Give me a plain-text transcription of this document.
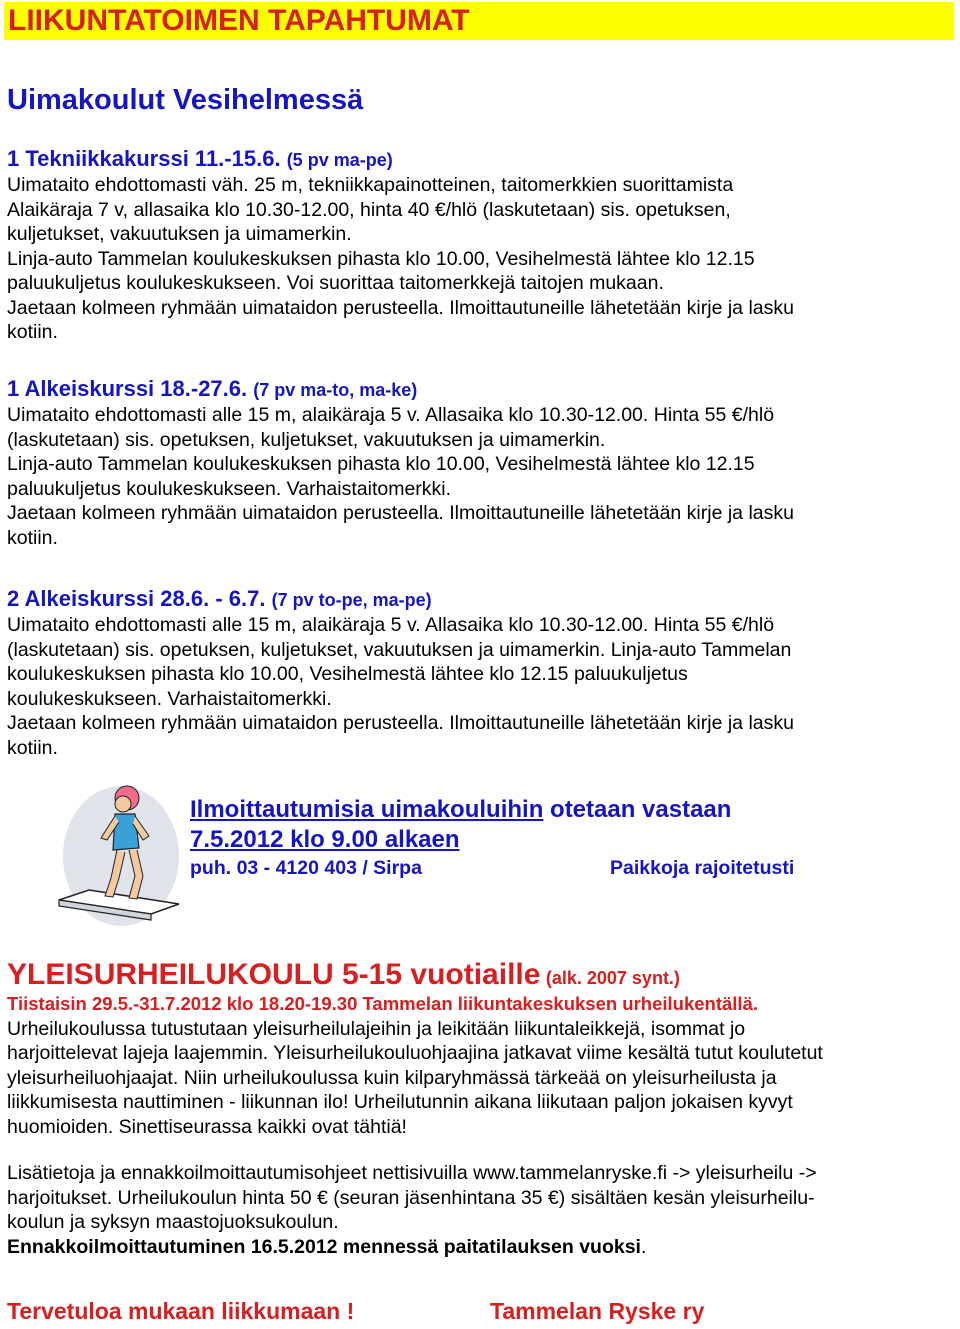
LIIKUNTATOIMEN TAPAHTUMAT
Uimakoulut Vesihelmessä
1 Tekniikkakurssi 11.-15.6. (5 pv ma-pe)
Uimataito ehdottomasti väh. 25 m, tekniikkapainotteinen, taitomerkkien suorittamista
Alaikäraja 7 v, allasaika klo 10.30-12.00, hinta 40 €/hlö (laskutetaan) sis. opetuksen,
kuljetukset, vakuutuksen ja uimamerkin.
Linja-auto Tammelan koulukeskuksen pihasta klo 10.00, Vesihelmestä lähtee klo 12.15
paluukuljetus koulukeskukseen. Voi suorittaa taitomerkkejä taitojen mukaan.
Jaetaan kolmeen ryhmään uimataidon perusteella. Ilmoittautuneille lähetetään kirje ja lasku
kotiin.
1 Alkeiskurssi 18.-27.6. (7 pv ma-to, ma-ke)
Uimataito ehdottomasti alle 15 m, alaikäraja 5 v. Allasaika klo 10.30-12.00. Hinta 55 €/hlö
(laskutetaan) sis. opetuksen, kuljetukset, vakuutuksen ja uimamerkin.
Linja-auto Tammelan koulukeskuksen pihasta klo 10.00, Vesihelmestä lähtee klo 12.15
paluukuljetus koulukeskukseen. Varhaistaitomerkki.
Jaetaan kolmeen ryhmään uimataidon perusteella. Ilmoittautuneille lähetetään kirje ja lasku
kotiin.
2 Alkeiskurssi 28.6. - 6.7. (7 pv to-pe, ma-pe)
Uimataito ehdottomasti alle 15 m, alaikäraja 5 v. Allasaika klo 10.30-12.00. Hinta 55 €/hlö
(laskutetaan) sis. opetuksen, kuljetukset, vakuutuksen ja uimamerkin. Linja-auto Tammelan
koulukeskuksen pihasta klo 10.00, Vesihelmestä lähtee klo 12.15 paluukuljetus
koulukeskukseen. Varhaistaitomerkki.
Jaetaan kolmeen ryhmään uimataidon perusteella. Ilmoittautuneille lähetetään kirje ja lasku
kotiin.
Ilmoittautumisia uimakouluihin otetaan vastaan
7.5.2012 klo 9.00 alkaen
puh. 03 - 4120 403 / Sirpa	Paikkoja rajoitetusti
YLEISURHEILUKOULU 5-15 vuotiaille (alk. 2007 synt.)
Tiistaisin 29.5.-31.7.2012 klo 18.20-19.30 Tammelan liikuntakeskuksen urheilukentällä.
Urheilukoulussa tutustutaan yleisurheilulajeihin ja leikitään liikuntaleikkejä, isommat jo
harjoittelevat lajeja laajemmin. Yleisurheilukouluohjaajina jatkavat viime kesältä tutut koulutetut
yleisurheiluohjaajat. Niin urheilukoulussa kuin kilparyhmässä tärkeää on yleisurheilusta ja
liikkumisesta nauttiminen - liikunnan ilo! Urheilutunnin aikana liikutaan paljon jokaisen kyvyt
huomioiden. Sinettiseurassa kaikki ovat tähtiä!
Lisätietoja ja ennakkoilmoittautumisohjeet nettisivuilla www.tammelanryske.fi -> yleisurheilu ->
harjoitukset. Urheilukoulun hinta 50 € (seuran jäsenhintana 35 €) sisältäen kesän yleisurheilu-
koulun ja syksyn maastojuoksukoulun.
Ennakkoilmoittautuminen 16.5.2012 mennessä paitatilauksen vuoksi.
Tervetuloa mukaan liikkumaan !	Tammelan Ryske ry
